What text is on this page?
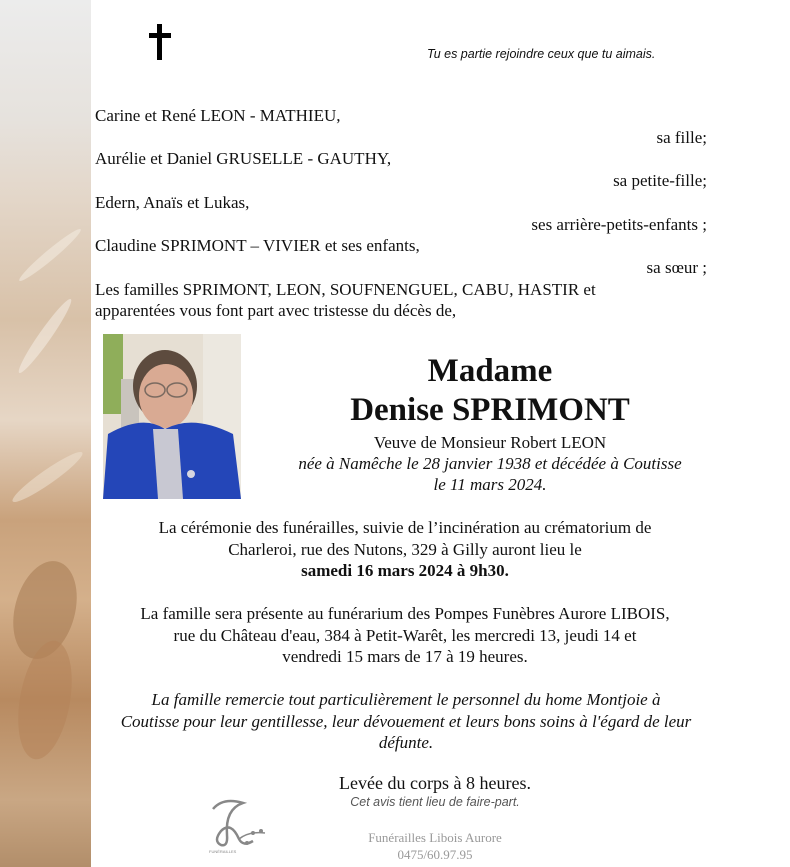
Tu es partie rejoindre ceux que tu aimais.
Carine et René LEON - MATHIEU,
sa fille;
Aurélie et Daniel GRUSELLE - GAUTHY,
sa petite-fille;
Edern, Anaïs et Lukas,
ses arrière-petits-enfants ;
Claudine SPRIMONT – VIVIER et ses enfants,
sa sœur ;
Les familles SPRIMONT, LEON, SOUFNENGUEL, CABU, HASTIR et
apparentées vous font part avec tristesse du décès de,
Madame
Denise SPRIMONT
Veuve de Monsieur Robert LEON
née à Namêche le 28 janvier 1938 et décédée à Coutisse
le 11 mars 2024.
La cérémonie des funérailles, suivie de l’incinération au crématorium de
Charleroi, rue des Nutons, 329 à Gilly auront lieu le
samedi 16 mars 2024 à 9h30.
La famille sera présente au funérarium des Pompes Funèbres Aurore LIBOIS,
rue du Château d'eau, 384 à Petit-Warêt, les mercredi 13, jeudi 14 et
vendredi 15 mars de 17 à 19 heures.
La famille remercie tout particulièrement le personnel du home Montjoie à
Coutisse pour leur gentillesse, leur dévouement et leurs bons soins à l'égard de leur
défunte.
Levée du corps à 8 heures.
Cet avis tient lieu de faire-part.
FUNÉRAILLES
Funérailles Libois Aurore
0475/60.97.95
